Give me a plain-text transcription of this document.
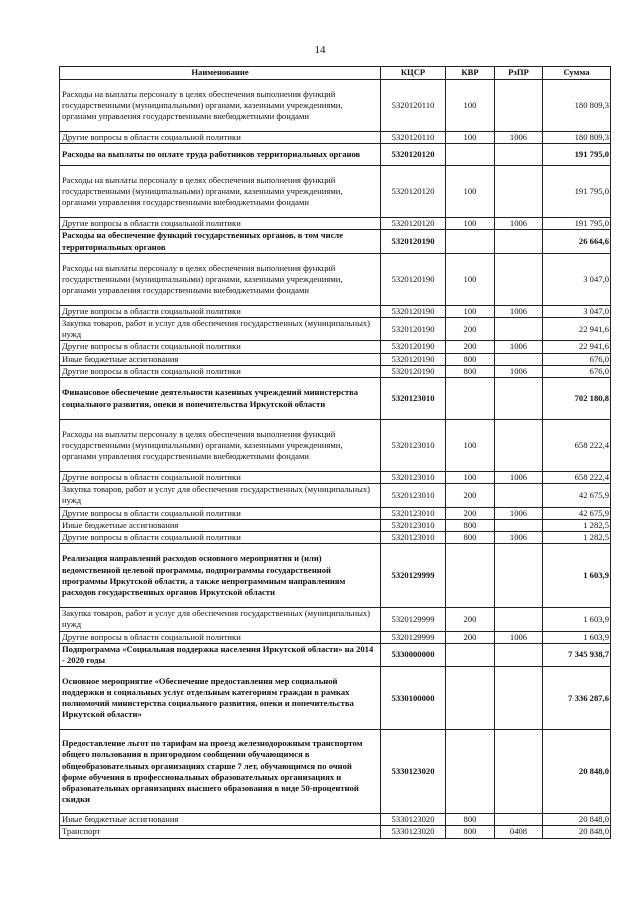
14
Наименование	КЦСР	КВР	РзПР	Сумма
Расходы на выплаты персоналу в целях обеспечения выполнения функций государственными (муниципальными) органами, казенными учреждениями, органами управления государственными внебюджетными фондами	5320120110	100		180 809,3
Другие вопросы в области социальной политики	5320120110	100	1006	180 809,3
Расходы на выплаты по оплате труда работников территориальных органов	5320120120			191 795,0
Расходы на выплаты персоналу в целях обеспечения выполнения функций государственными (муниципальными) органами, казенными учреждениями, органами управления государственными внебюджетными фондами	5320120120	100		191 795,0
Другие вопросы в области социальной политики	5320120120	100	1006	191 795,0
Расходы на обеспечение функций государственных органов, в том числе территориальных органов	5320120190			26 664,6
Расходы на выплаты персоналу в целях обеспечения выполнения функций государственными (муниципальными) органами, казенными учреждениями, органами управления государственными внебюджетными фондами	5320120190	100		3 047,0
Другие вопросы в области социальной политики	5320120190	100	1006	3 047,0
Закупка товаров, работ и услуг для обеспечения государственных (муниципальных) нужд	5320120190	200		22 941,6
Другие вопросы в области социальной политики	5320120190	200	1006	22 941,6
Иные бюджетные ассигнования	5320120190	800		676,0
Другие вопросы в области социальной политики	5320120190	800	1006	676,0
Финансовое обеспечение деятельности казенных учреждений министерства социального развития, опеки и попечительства Иркутской области	5320123010			702 180,8
Расходы на выплаты персоналу в целях обеспечения выполнения функций государственными (муниципальными) органами, казенными учреждениями, органами управления государственными внебюджетными фондами	5320123010	100		658 222,4
Другие вопросы в области социальной политики	5320123010	100	1006	658 222,4
Закупка товаров, работ и услуг для обеспечения государственных (муниципальных) нужд	5320123010	200		42 675,9
Другие вопросы в области социальной политики	5320123010	200	1006	42 675,9
Иные бюджетные ассигнования	5320123010	800		1 282,5
Другие вопросы в области социальной политики	5320123010	800	1006	1 282,5
Реализация направлений расходов основного мероприятия и (или) ведомственной целевой программы, подпрограммы государственной программы Иркутской области, а также непрограммным направлениям расходов государственных органов Иркутской области	5320129999			1 603,9
Закупка товаров, работ и услуг для обеспечения государственных (муниципальных) нужд	5320129999	200		1 603,9
Другие вопросы в области социальной политики	5320129999	200	1006	1 603,9
Подпрограмма «Социальная поддержка населения Иркутской области» на 2014 - 2020 годы	5330000000			7 345 938,7
Основное мероприятие «Обеспечение предоставления мер социальной поддержки и социальных услуг отдельным категориям граждан в рамках полномочий министерства социального развития, опеки и попечительства Иркутской области»	5330100000			7 336 287,6
Предоставление льгот по тарифам на проезд железнодорожным транспортом общего пользования в пригородном сообщении обучающимся в общеобразовательных организациях старше 7 лет, обучающимся по очной форме обучения в профессиональных образовательных организациях и образовательных организациях высшего образования в виде 50-процентной скидки	5330123020			20 848,0
Иные бюджетные ассигнования	5330123020	800		20 848,0
Транспорт	5330123020	800	0408	20 848,0
